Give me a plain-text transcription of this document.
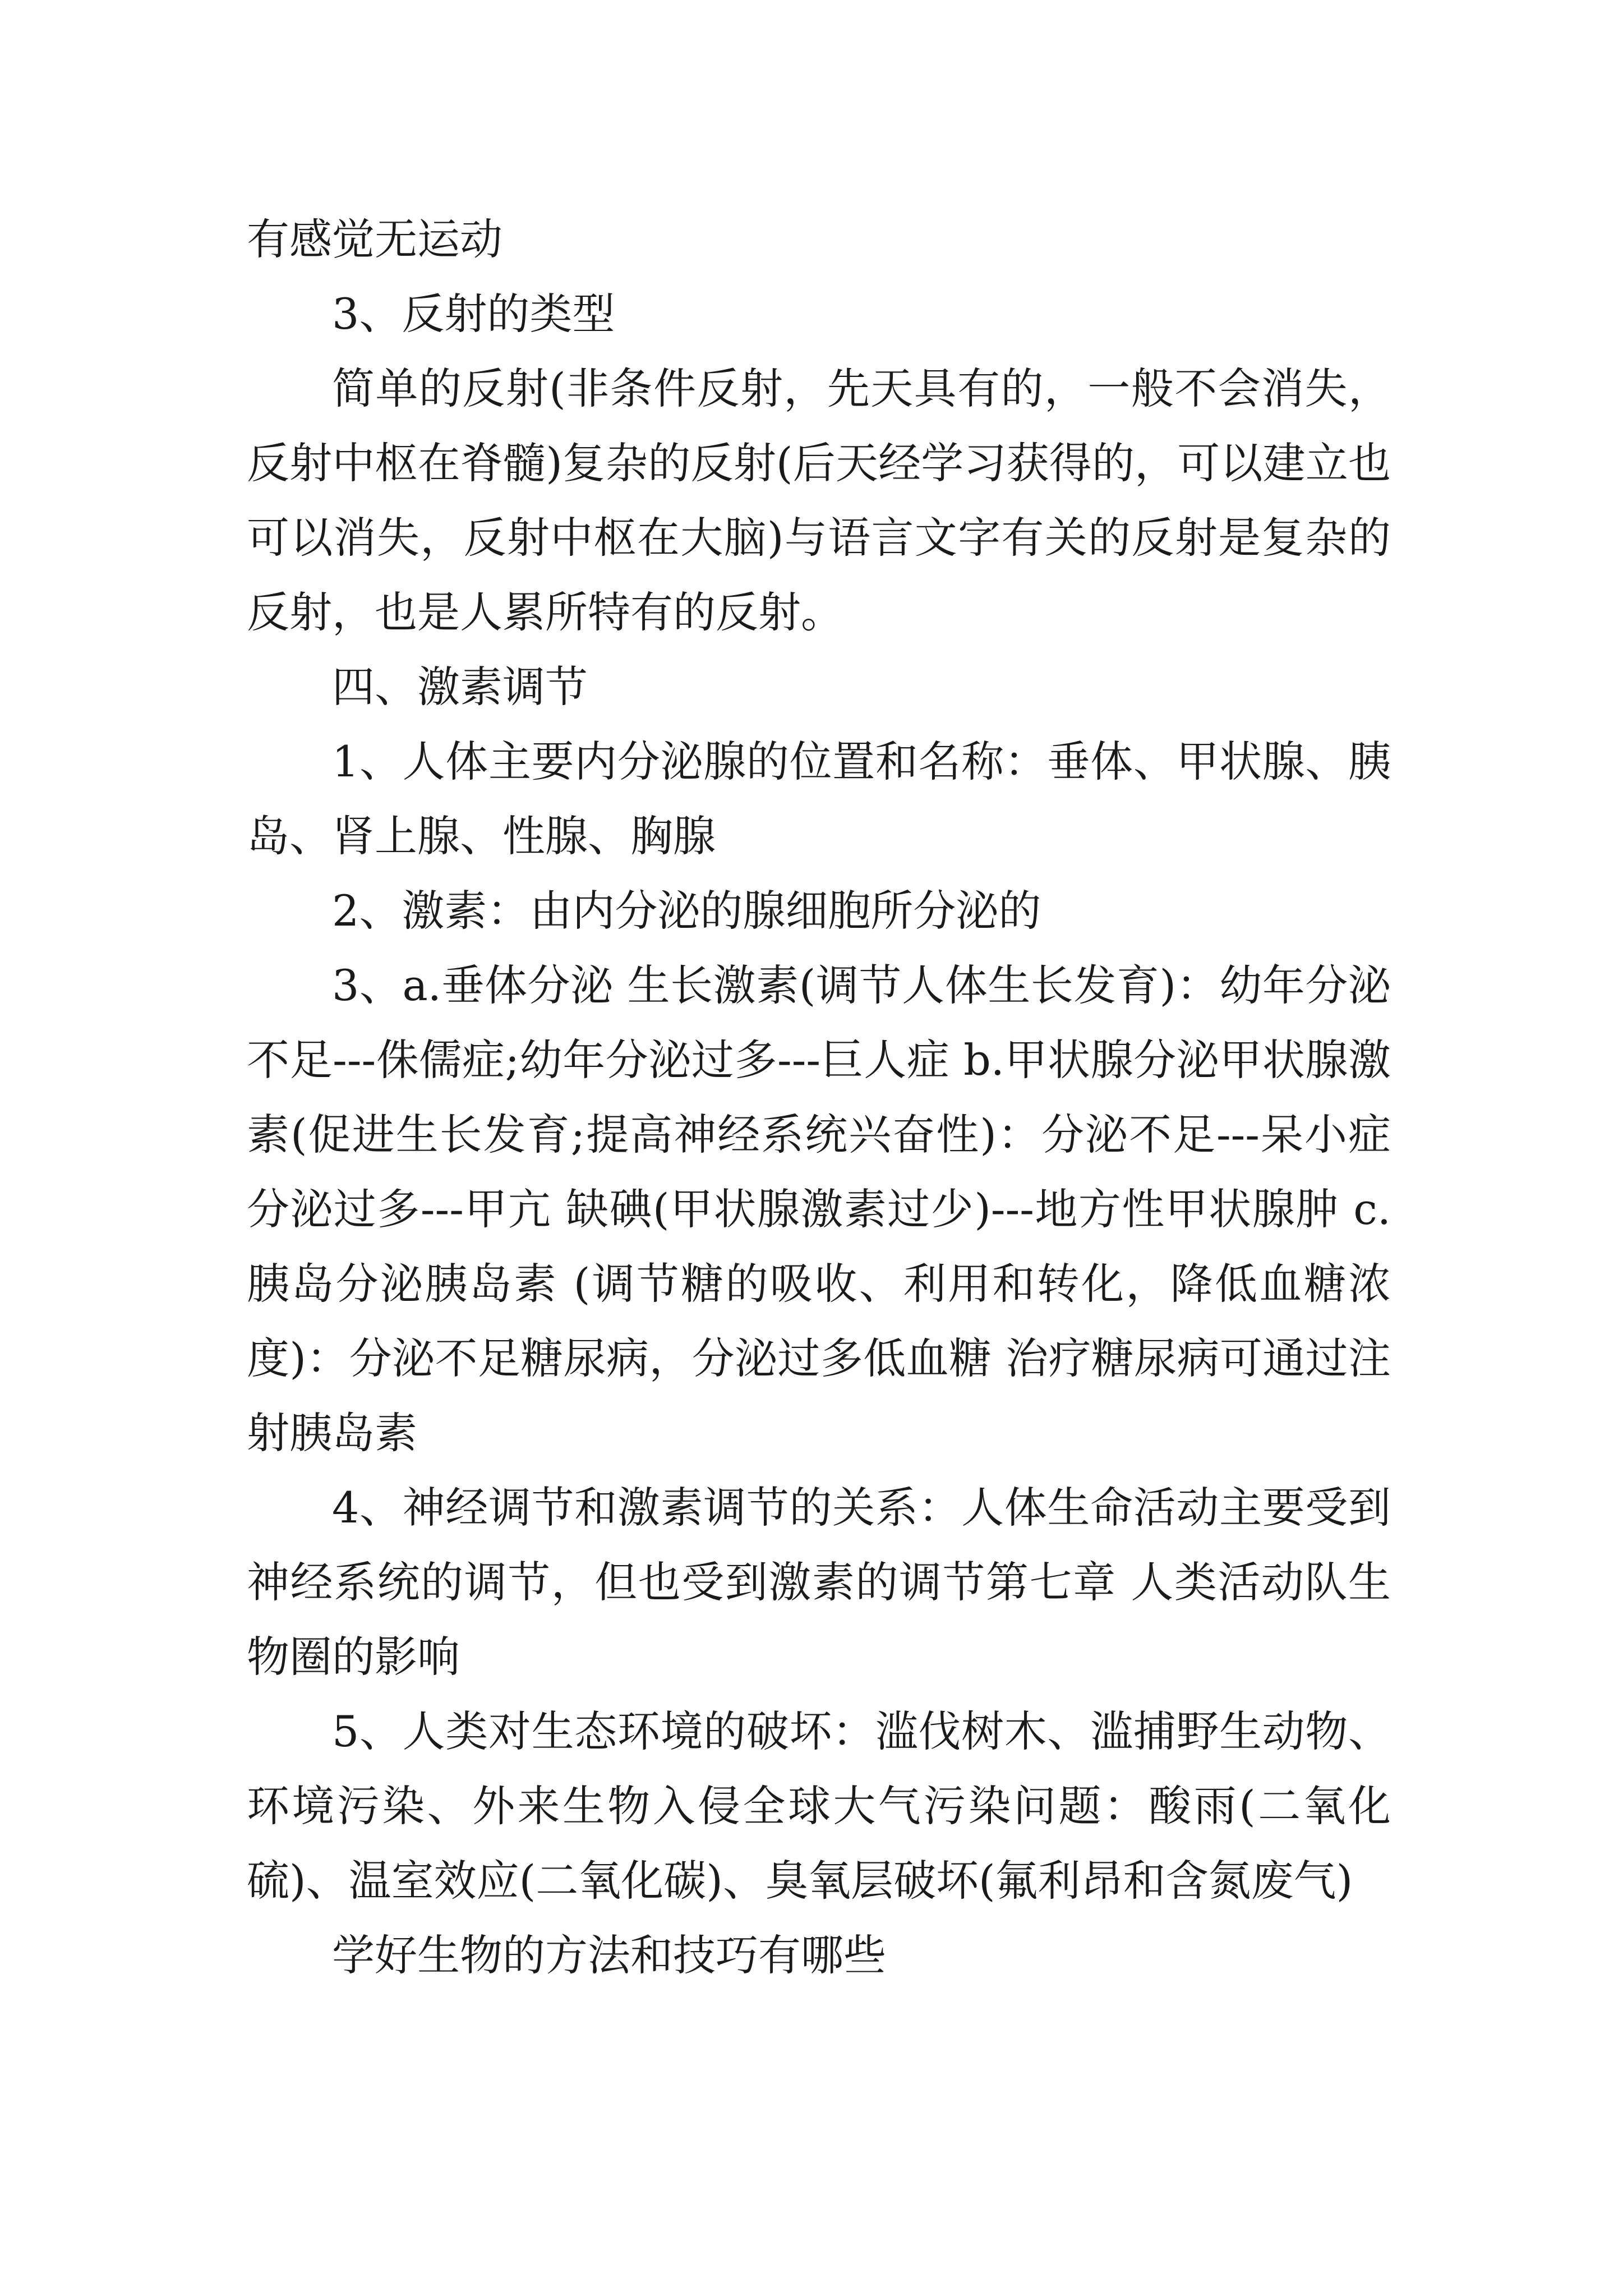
有感觉无运动

3、反射的类型

简单的反射(非条件反射，先天具有的，一般不会消失，反射中枢在脊髓)复杂的反射(后天经学习获得的，可以建立也可以消失，反射中枢在大脑)与语言文字有关的反射是复杂的反射，也是人累所特有的反射。

四、激素调节

1、人体主要内分泌腺的位置和名称：垂体、甲状腺、胰岛、肾上腺、性腺、胸腺

2、激素：由内分泌的腺细胞所分泌的

3、a.垂体分泌 生长激素(调节人体生长发育)：幼年分泌不足---侏儒症;幼年分泌过多---巨人症 b.甲状腺分泌甲状腺激素(促进生长发育;提高神经系统兴奋性)：分泌不足---呆小症 分泌过多---甲亢 缺碘(甲状腺激素过少)---地方性甲状腺肿 c.胰岛分泌胰岛素 (调节糖的吸收、利用和转化，降低血糖浓度)：分泌不足糖尿病，分泌过多低血糖 治疗糖尿病可通过注射胰岛素

4、神经调节和激素调节的关系：人体生命活动主要受到神经系统的调节，但也受到激素的调节第七章 人类活动队生物圈的影响

5、人类对生态环境的破坏：滥伐树木、滥捕野生动物、环境污染、外来生物入侵全球大气污染问题：酸雨(二氧化硫)、温室效应(二氧化碳)、臭氧层破坏(氟利昂和含氮废气)

学好生物的方法和技巧有哪些
